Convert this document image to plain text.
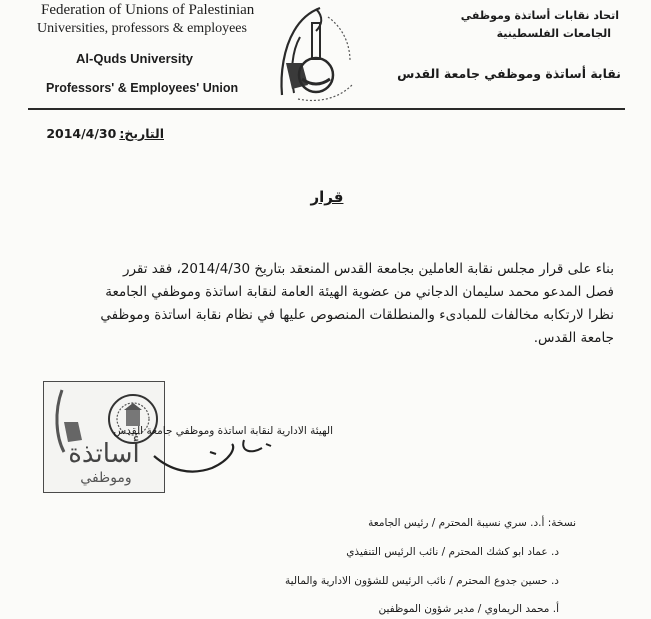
Federation of Unions of Palestinian
Universities, professors & employees
Al-Quds University
Professors' & Employees' Union
اتحاد نقابات أساتذة وموظفي
الجامعات الفلسطينية
نقابة أساتذة وموظفي جامعة القدس
التاريخ:2014/4/30
قرار

بناء على قرار مجلس نقابة العاملين بجامعة القدس المنعقد بتاريخ 2014/4/30، فقد تقرر

فصل المدعو محمد سليمان الدجاني من عضوية الهيئة العامة لنقابة اساتذة وموظفي الجامعة

نظرا لارتكابه مخالفات للمبادىء والمنطلقات المنصوص عليها في نظام نقابة اساتذة وموظفي

جامعة القدس.

أساتذة
وموظفي
الهيئة الادارية لنقابة اساتذة وموظفي جامعة القدس
نسخة: أ.د. سري نسيبة المحترم / رئيس الجامعة
د. عماد ابو كشك المحترم / نائب الرئيس التنفيذي
د. حسين جدوع المحترم / نائب الرئيس للشؤون الادارية والمالية
أ. محمد الريماوي / مدير شؤون الموظفين
